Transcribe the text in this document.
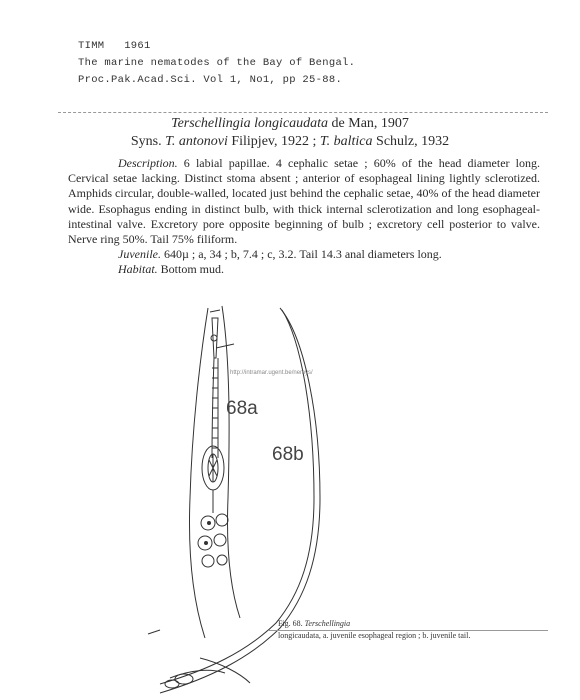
TIMM   1961
The marine nematodes of the Bay of Bengal.
Proc.Pak.Acad.Sci. Vol 1, No1, pp 25-88.
Terschellingia longicaudata de Man, 1907
Syns. T. antonovi Filipjev, 1922 ; T. baltica Schulz, 1932

Description. 6 labial papillae. 4 cephalic setae ; 60% of the head diameter long. Cervical setae lacking. Distinct stoma absent ; anterior of esophageal lining lightly sclerotized. Amphids circular, double-walled, located just behind the cephalic setae, 40% of the head diameter wide. Esophagus ending in distinct bulb, with thick internal sclerotization and long esophageal-intestinal valve. Excretory pore opposite beginning of bulb ; excretory cell posterior to valve. Nerve ring 50%. Tail 75% filiform.

Juvenile. 640µ ; a, 34 ; b, 7.4 ; c, 3.2. Tail 14.3 anal diameters long.

Habitat. Bottom mud.

http://intramar.ugent.be/nemys/
68a
68b
Fig. 68. Terschellingia
longicaudata, a. juvenile esophageal region ; b. juvenile tail.
